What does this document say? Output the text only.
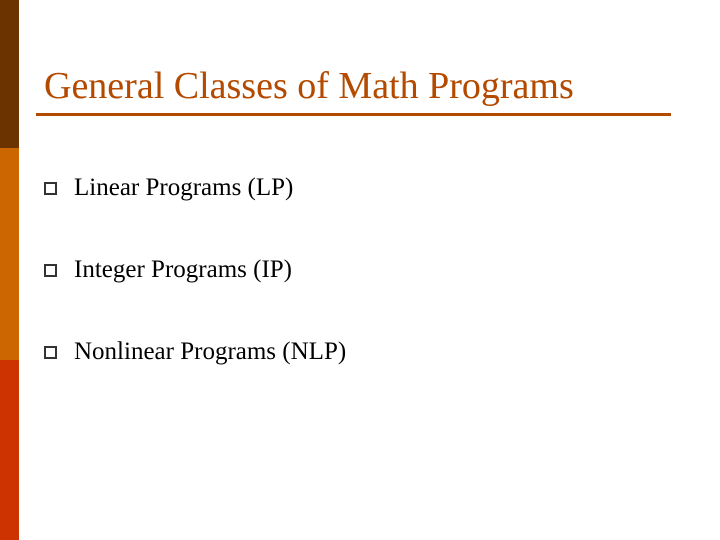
General Classes of Math Programs
Linear Programs (LP)
Integer Programs (IP)
Nonlinear Programs (NLP)
